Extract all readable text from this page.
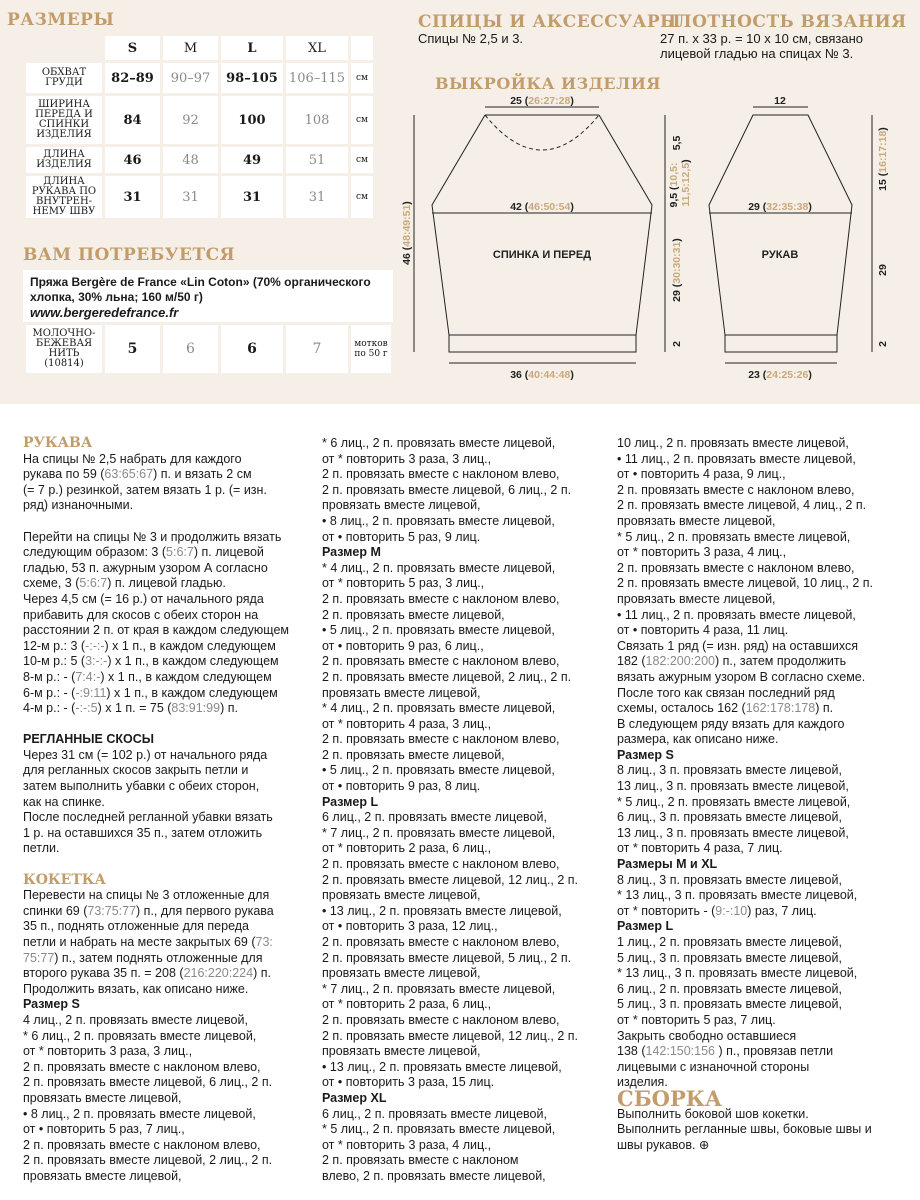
РАЗМЕРЫ
	S	M	L	XL	
ОБХВАТ ГРУДИ	82–89	90–97	98–105	106–115	см
ШИРИНА ПЕРЕДА И СПИНКИ ИЗДЕЛИЯ	84	92	100	108	см
ДЛИНА ИЗДЕЛИЯ	46	48	49	51	см
ДЛИНА РУКАВА ПО ВНУТРЕН-НЕМУ ШВУ	31	31	31	31	см
СПИЦЫ И АКСЕССУАРЫ
Спицы № 2,5 и 3.
ПЛОТНОСТЬ ВЯЗАНИЯ
27 п. х 33 р. = 10 х 10 см, связано
лицевой гладью на спицах № 3.
ВЫКРОЙКА ИЗДЕЛИЯ
25 (26:27:28)
42 (46:50:54)
36 (40:44:48)
СПИНКА И ПЕРЕД
46 (48:49:51)
29 (30:30:31)
2
5,5
9,5 (10,5:
11,5:12,5)
12
29 (32:35:38)
23 (24:25:26)
РУКАВ
15 (16:17:18)
29
2
ВАМ ПОТРЕБУЕТСЯ
Пряжа Bergère de France «Lin Coton» (70% органического
хлопка, 30% льна; 160 м/50 г)
www.bergeredefrance.fr
МОЛОЧНО-БЕЖЕВАЯ НИТЬ
(10814)	5	6	6	7	мотков по 50 г

РУКАВА

На спицы № 2,5 набрать для каждого

рукава по 59 (63:65:67) п. и вязать 2 см

(= 7 р.) резинкой, затем вязать 1 р. (= изн.

ряд) изнаночными.

Перейти на спицы № 3 и продолжить вязать

следующим образом: 3 (5:6:7) п. лицевой

гладью, 53 п. ажурным узором А согласно

схеме, 3 (5:6:7) п. лицевой гладью.

Через 4,5 см (= 16 р.) от начального ряда

прибавить для скосов с обеих сторон на

расстоянии 2 п. от края в каждом следующем

12-м р.: 3 (-:-:-) х 1 п., в каждом следующем

10-м р.: 5 (3:-:-) х 1 п., в каждом следующем

8-м р.: - (7:4:-) х 1 п., в каждом следующем

6-м р.: - (-:9:11) х 1 п., в каждом следующем

4-м р.: - (-:-:5) х 1 п. = 75 (83:91:99) п.

РЕГЛАННЫЕ СКОСЫ

Через 31 см (= 102 р.) от начального ряда

для регланных скосов закрыть петли и

затем выполнить убавки с обеих сторон,

как на спинке.

После последней регланной убавки вязать

1 р. на оставшихся 35 п., затем отложить

петли.

КОКЕТКА

Перевести на спицы № 3 отложенные для

спинки 69 (73:75:77) п., для первого рукава

35 п., поднять отложенные для переда

петли и набрать на месте закрытых 69 (73:

75:77) п., затем поднять отложенные для

второго рукава 35 п. = 208 (216:220:224) п.

Продолжить вязать, как описано ниже.

Размер S

4 лиц., 2 п. провязать вместе лицевой,

* 6 лиц., 2 п. провязать вместе лицевой,

от * повторить 3 раза, 3 лиц.,

2 п. провязать вместе с наклоном влево,

2 п. провязать вместе лицевой, 6 лиц., 2 п.

провязать вместе лицевой,

• 8 лиц., 2 п. провязать вместе лицевой,

от • повторить 5 раз, 7 лиц.,

2 п. провязать вместе с наклоном влево,

2 п. провязать вместе лицевой, 2 лиц., 2 п.

провязать вместе лицевой,

* 6 лиц., 2 п. провязать вместе лицевой,

от * повторить 3 раза, 3 лиц.,

2 п. провязать вместе с наклоном влево,

2 п. провязать вместе лицевой, 6 лиц., 2 п.

провязать вместе лицевой,

• 8 лиц., 2 п. провязать вместе лицевой,

от • повторить 5 раз, 9 лиц.

Размер M

* 4 лиц., 2 п. провязать вместе лицевой,

от * повторить 5 раз, 3 лиц.,

2 п. провязать вместе с наклоном влево,

2 п. провязать вместе лицевой,

• 5 лиц., 2 п. провязать вместе лицевой,

от • повторить 9 раз, 6 лиц.,

2 п. провязать вместе с наклоном влево,

2 п. провязать вместе лицевой, 2 лиц., 2 п.

провязать вместе лицевой,

* 4 лиц., 2 п. провязать вместе лицевой,

от * повторить 4 раза, 3 лиц.,

2 п. провязать вместе с наклоном влево,

2 п. провязать вместе лицевой,

• 5 лиц., 2 п. провязать вместе лицевой,

от • повторить 9 раз, 8 лиц.

Размер L

6 лиц., 2 п. провязать вместе лицевой,

* 7 лиц., 2 п. провязать вместе лицевой,

от * повторить 2 раза, 6 лиц.,

2 п. провязать вместе с наклоном влево,

2 п. провязать вместе лицевой, 12 лиц., 2 п.

провязать вместе лицевой,

• 13 лиц., 2 п. провязать вместе лицевой,

от • повторить 3 раза, 12 лиц.,

2 п. провязать вместе с наклоном влево,

2 п. провязать вместе лицевой, 5 лиц., 2 п.

провязать вместе лицевой,

* 7 лиц., 2 п. провязать вместе лицевой,

от * повторить 2 раза, 6 лиц.,

2 п. провязать вместе с наклоном влево,

2 п. провязать вместе лицевой, 12 лиц., 2 п.

провязать вместе лицевой,

• 13 лиц., 2 п. провязать вместе лицевой,

от • повторить 3 раза, 15 лиц.

Размер XL

6 лиц., 2 п. провязать вместе лицевой,

* 5 лиц., 2 п. провязать вместе лицевой,

от * повторить 3 раза, 4 лиц.,

2 п. провязать вместе с наклоном

влево, 2 п. провязать вместе лицевой,

10 лиц., 2 п. провязать вместе лицевой,

• 11 лиц., 2 п. провязать вместе лицевой,

от • повторить 4 раза, 9 лиц.,

2 п. провязать вместе с наклоном влево,

2 п. провязать вместе лицевой, 4 лиц., 2 п.

провязать вместе лицевой,

* 5 лиц., 2 п. провязать вместе лицевой,

от * повторить 3 раза, 4 лиц.,

2 п. провязать вместе с наклоном влево,

2 п. провязать вместе лицевой, 10 лиц., 2 п.

провязать вместе лицевой,

• 11 лиц., 2 п. провязать вместе лицевой,

от • повторить 4 раза, 11 лиц.

Связать 1 ряд (= изн. ряд) на оставшихся

182 (182:200:200) п., затем продолжить

вязать ажурным узором В согласно схеме.

После того как связан последний ряд

схемы, осталось 162 (162:178:178) п.

В следующем ряду вязать для каждого

размера, как описано ниже.

Размер S

8 лиц., 3 п. провязать вместе лицевой,

13 лиц., 3 п. провязать вместе лицевой,

* 5 лиц., 2 п. провязать вместе лицевой,

6 лиц., 3 п. провязать вместе лицевой,

13 лиц., 3 п. провязать вместе лицевой,

от * повторить 4 раза, 7 лиц.

Размеры M и XL

8 лиц., 3 п. провязать вместе лицевой,

* 13 лиц., 3 п. провязать вместе лицевой,

от * повторить - (9:-:10) раз, 7 лиц.

Размер L

1 лиц., 2 п. провязать вместе лицевой,

5 лиц., 3 п. провязать вместе лицевой,

* 13 лиц., 3 п. провязать вместе лицевой,

6 лиц., 2 п. провязать вместе лицевой,

5 лиц., 3 п. провязать вместе лицевой,

от * повторить 5 раз, 7 лиц.

Закрыть свободно оставшиеся

138 (142:150:156 ) п., провязав петли

лицевыми с изнаночной стороны

изделия.

СБОРКА

Выполнить боковой шов кокетки.

Выполнить регланные швы, боковые швы и

швы рукавов. ⊕
